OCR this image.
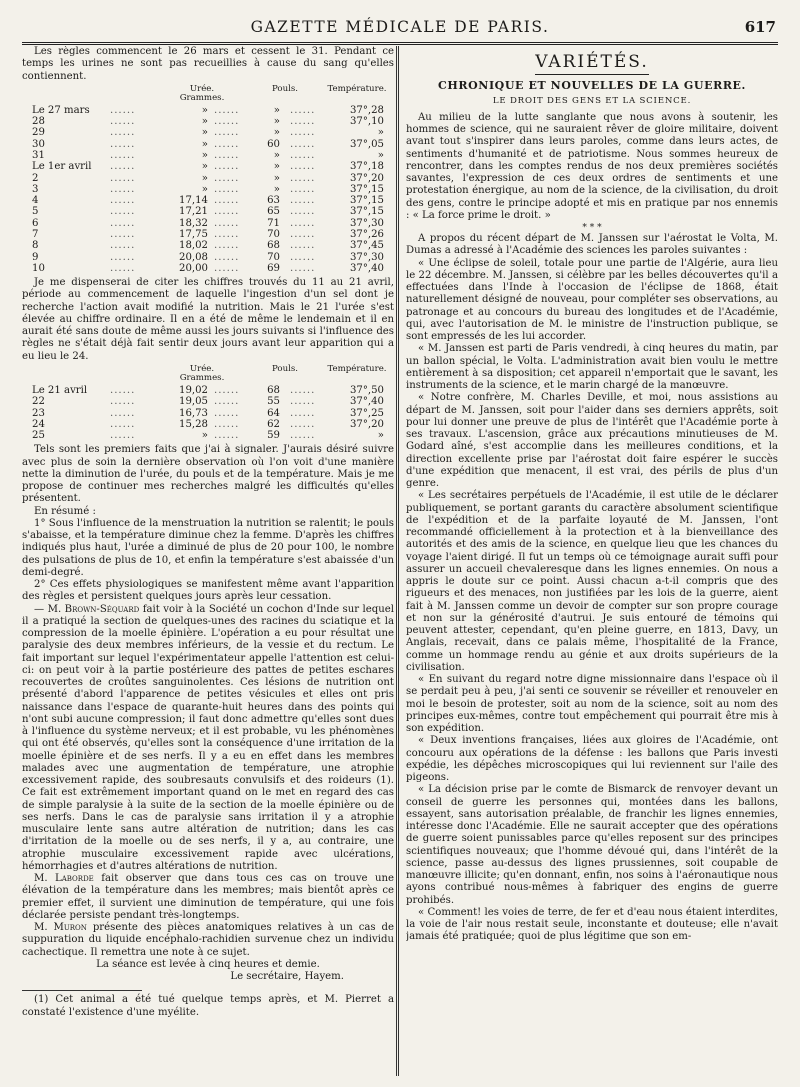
GAZETTE MÉDICALE DE PARIS.	617

Les règles commencent le 26 mars et cessent le 31. Pendant ce temps les urines ne sont pas recueillies à cause du sang qu'elles contiennent.

Urée.
Grammes.
Pouls.	Température.
Le 27 mars	»	»	37°,28
......	......	......
28	»	»	37°,10
......	......	......
29	»	»	»
......	......	......
30	»	60	37°,05
......	......	......
31	»	»	»
......	......	......
Le 1er avril	»	»	37°,18
......	......	......
2	»	»	37°,20
......	......	......
3	»	»	37°,15
......	......	......
4	17,14	63	37°,15
......	......	......
5	17,21	65	37°,15
......	......	......
6	18,32	71	37°,30
......	......	......
7	17,75	70	37°,26
......	......	......
8	18,02	68	37°,45
......	......	......
9	20,08	70	37°,30
......	......	......
10	20,00	69	37°,40
......	......	......

Je me dispenserai de citer les chiffres trouvés du 11 au 21 avril, période au commencement de laquelle l'ingestion d'un sel dont je recherche l'action avait modifié la nutrition. Mais le 21 l'urée s'est élevée au chiffre ordinaire. Il en a été de même le lendemain et il en aurait été sans doute de même aussi les jours suivants si l'influence des règles ne s'était déjà fait sentir deux jours avant leur apparition qui a eu lieu le 24.

Urée.
Grammes.
Pouls.	Température.
Le 21 avril	19,02	68	37°,50
......	......	......
22	19,05	55	37°,40
......	......	......
23	16,73	64	37°,25
......	......	......
24	15,28	62	37°,20
......	......	......
25	»	59	»
......	......	......

Tels sont les premiers faits que j'ai à signaler. J'aurais désiré suivre avec plus de soin la dernière observation où l'on voit d'une manière nette la diminution de l'urée, du pouls et de la température. Mais je me propose de continuer mes recherches malgré les difficultés qu'elles présentent.

En résumé :

1° Sous l'influence de la menstruation la nutrition se ralentit; le pouls s'abaisse, et la température diminue chez la femme. D'après les chiffres indiqués plus haut, l'urée a diminué de plus de 20 pour 100, le nombre des pulsations de plus de 10, et enfin la température s'est abaissée d'un demi-degré.

2° Ces effets physiologiques se manifestent même avant l'apparition des règles et persistent quelques jours après leur cessation.

— M. Brown-Séquard fait voir à la Société un cochon d'Inde sur lequel il a pratiqué la section de quelques-unes des racines du sciatique et la compression de la moelle épinière. L'opération a eu pour résultat une paralysie des deux membres inférieurs, de la vessie et du rectum. Le fait important sur lequel l'expérimentateur appelle l'attention est celui-ci: on peut voir à la partie postérieure des pattes de petites eschares recouvertes de croûtes sanguinolentes. Ces lésions de nutrition ont présenté d'abord l'apparence de petites vésicules et elles ont pris naissance dans l'espace de quarante-huit heures dans des points qui n'ont subi aucune compression; il faut donc admettre qu'elles sont dues à l'influence du système nerveux; et il est probable, vu les phénomènes qui ont été observés, qu'elles sont la conséquence d'une irritation de la moelle épinière et de ses nerfs. Il y a eu en effet dans les membres malades avec une augmentation de température, une atrophie excessivement rapide, des soubresauts convulsifs et des roideurs (1). Ce fait est extrêmement important quand on le met en regard des cas de simple paralysie à la suite de la section de la moelle épinière ou de ses nerfs. Dans le cas de paralysie sans irritation il y a atrophie musculaire lente sans autre altération de nutrition; dans les cas d'irritation de la moelle ou de ses nerfs, il y a, au contraire, une atrophie musculaire excessivement rapide avec ulcérations, hémorrhagies et d'autres altérations de nutrition.

M. Laborde fait observer que dans tous ces cas on trouve une élévation de la température dans les membres; mais bientôt après ce premier effet, il survient une diminution de température, qui une fois déclarée persiste pendant très-longtemps.

M. Muron présente des pièces anatomiques relatives à un cas de suppuration du liquide encéphalo-rachidien survenue chez un individu cachectique. Il remettra une note à ce sujet.

La séance est levée à cinq heures et demie.

Le secrétaire, Hayem.

(1) Cet animal a été tué quelque temps après, et M. Pierret a constaté l'existence d'une myélite.

VARIÉTÉS.
CHRONIQUE ET NOUVELLES DE LA GUERRE.
LE DROIT DES GENS ET LA SCIENCE.

Au milieu de la lutte sanglante que nous avons à soutenir, les hommes de science, qui ne sauraient rêver de gloire militaire, doivent avant tout s'inspirer dans leurs paroles, comme dans leurs actes, de sentiments d'humanité et de patriotisme. Nous sommes heureux de rencontrer, dans les comptes rendus de nos deux premières sociétés savantes, l'expression de ces deux ordres de sentiments et une protestation énergique, au nom de la science, de la civilisation, du droit des gens, contre le principe adopté et mis en pratique par nos ennemis : « La force prime le droit. »

* * *

A propos du récent départ de M. Janssen sur l'aérostat le Volta, M. Dumas a adressé à l'Académie des sciences les paroles suivantes :

« Une éclipse de soleil, totale pour une partie de l'Algérie, aura lieu le 22 décembre. M. Janssen, si célèbre par les belles découvertes qu'il a effectuées dans l'Inde à l'occasion de l'éclipse de 1868, était naturellement désigné de nouveau, pour compléter ses observations, au patronage et au concours du bureau des longitudes et de l'Académie, qui, avec l'autorisation de M. le ministre de l'instruction publique, se sont empressés de les lui accorder.

« M. Janssen est parti de Paris vendredi, à cinq heures du matin, par un ballon spécial, le Volta. L'administration avait bien voulu le mettre entièrement à sa disposition; cet appareil n'emportait que le savant, les instruments de la science, et le marin chargé de la manœuvre.

« Notre confrère, M. Charles Deville, et moi, nous assistions au départ de M. Janssen, soit pour l'aider dans ses derniers apprêts, soit pour lui donner une preuve de plus de l'intérêt que l'Académie porte à ses travaux. L'ascension, grâce aux précautions minutieuses de M. Godard aîné, s'est accomplie dans les meilleures conditions, et la direction excellente prise par l'aérostat doit faire espérer le succès d'une expédition que menacent, il est vrai, des périls de plus d'un genre.

« Les secrétaires perpétuels de l'Académie, il est utile de le déclarer publiquement, se portant garants du caractère absolument scientifique de l'expédition et de la parfaite loyauté de M. Janssen, l'ont recommandé officiellement à la protection et à la bienveillance des autorités et des amis de la science, en quelque lieu que les chances du voyage l'aient dirigé. Il fut un temps où ce témoignage aurait suffi pour assurer un accueil chevaleresque dans les lignes ennemies. On nous a appris le doute sur ce point. Aussi chacun a-t-il compris que des rigueurs et des menaces, non justifiées par les lois de la guerre, aient fait à M. Janssen comme un devoir de compter sur son propre courage et non sur la générosité d'autrui. Je suis entouré de témoins qui peuvent attester, cependant, qu'en pleine guerre, en 1813, Davy, un Anglais, recevait, dans ce palais même, l'hospitalité de la France, comme un hommage rendu au génie et aux droits supérieurs de la civilisation.

« En suivant du regard notre digne missionnaire dans l'espace où il se perdait peu à peu, j'ai senti ce souvenir se réveiller et renouveler en moi le besoin de protester, soit au nom de la science, soit au nom des principes eux-mêmes, contre tout empêchement qui pourrait être mis à son expédition.

« Deux inventions françaises, liées aux gloires de l'Académie, ont concouru aux opérations de la défense : les ballons que Paris investi expédie, les dépêches microscopiques qui lui reviennent sur l'aile des pigeons.

« La décision prise par le comte de Bismarck de renvoyer devant un conseil de guerre les personnes qui, montées dans les ballons, essayent, sans autorisation préalable, de franchir les lignes ennemies, intéresse donc l'Académie. Elle ne saurait accepter que des opérations de guerre soient punissables parce qu'elles reposent sur des principes scientifiques nouveaux; que l'homme dévoué qui, dans l'intérêt de la science, passe au-dessus des lignes prussiennes, soit coupable de manœuvre illicite; qu'en donnant, enfin, nos soins à l'aéronautique nous ayons contribué nous-mêmes à fabriquer des engins de guerre prohibés.

« Comment! les voies de terre, de fer et d'eau nous étaient interdites, la voie de l'air nous restait seule, inconstante et douteuse; elle n'avait jamais été pratiquée; quoi de plus légitime que son em-
